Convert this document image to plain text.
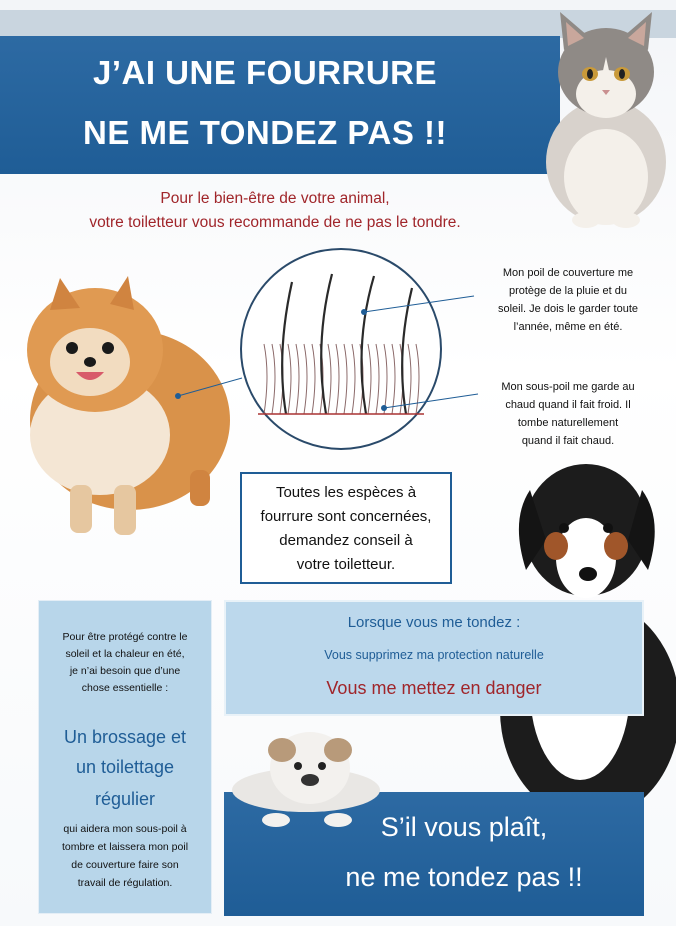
J’AI UNE FOURRURE
NE ME TONDEZ PAS !!
Pour le bien-être de votre animal,
votre toiletteur vous recommande de ne pas le tondre.
Mon poil de couverture me
protège de la pluie et du
soleil. Je dois le garder toute
l’année, même en été.
Mon sous-poil me garde au
chaud quand il fait froid. Il
tombe naturellement
quand il fait chaud.
Toutes les espèces à
fourrure sont concernées,
demandez conseil à
votre toiletteur.
Pour être protégé contre le
soleil et la chaleur en été,
je n’ai besoin que d’une
chose essentielle :
Un brossage et
un toilettage
régulier
qui aidera mon sous-poil à
tombre et laissera mon poil
de couverture faire son
travail de régulation.
Lorsque vous me tondez :
Vous supprimez ma protection naturelle
Vous me mettez en danger
S’il vous plaît,
ne me tondez pas !!
